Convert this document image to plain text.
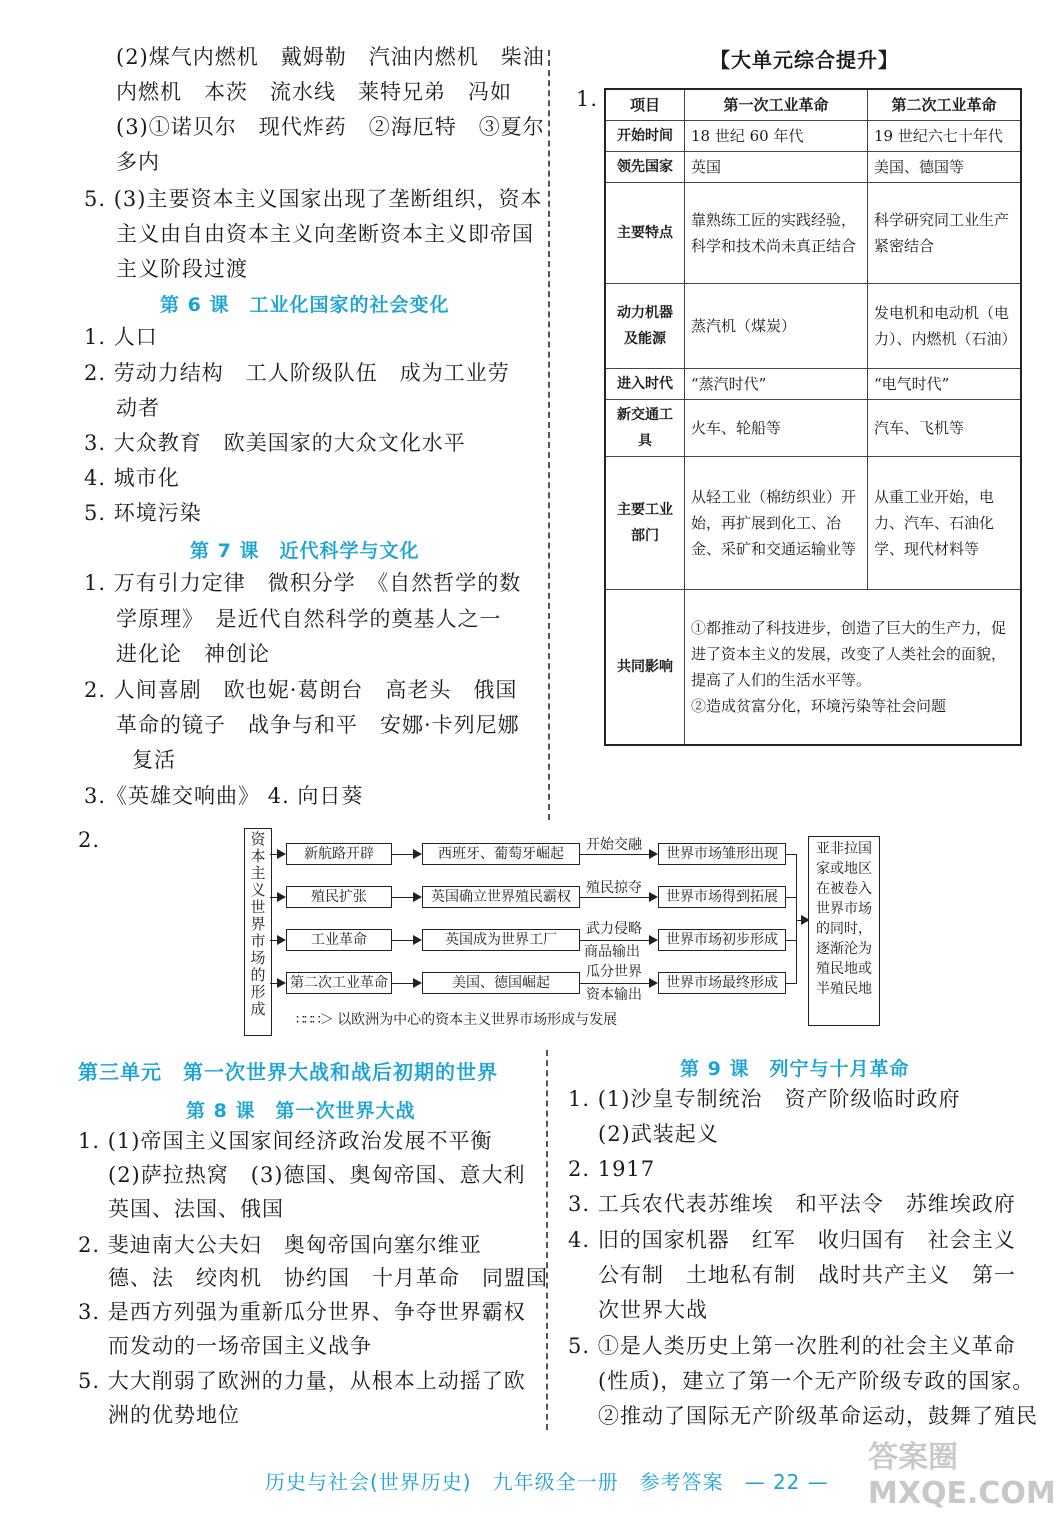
(2)煤气内燃机　戴姆勒　汽油内燃机　柴油
内燃机　本茨　流水线　莱特兄弟　冯如
(3)①诺贝尔　现代炸药　②海厄特　③夏尔
多内
5. (3)主要资本主义国家出现了垄断组织，资本
主义由自由资本主义向垄断资本主义即帝国
主义阶段过渡
第 6 课　工业化国家的社会变化
1. 人口
2. 劳动力结构　工人阶级队伍　成为工业劳
动者
3. 大众教育　欧美国家的大众文化水平
4. 城市化
5. 环境污染
第 7 课　近代科学与文化
1. 万有引力定律　微积分学　《自然哲学的数
学原理》　是近代自然科学的奠基人之一
进化论　神创论
2. 人间喜剧　欧也妮·葛朗台　高老头　俄国
革命的镜子　战争与和平　安娜·卡列尼娜
复活
3.《英雄交响曲》 4. 向日葵
【大单元综合提升】
1. 项目	第一次工业革命	第二次工业革命
开始时间	18 世纪 60 年代	19 世纪六七十年代
领先国家	英国	美国、德国等
主要特点	靠熟练工匠的实践经验，科学和技术尚未真正结合	科学研究同工业生产紧密结合
动力机器及能源	蒸汽机（煤炭）	发电机和电动机（电力）、内燃机（石油）
进入时代	“蒸汽时代”	“电气时代”
新交通工具	火车、轮船等	汽车、飞机等
主要工业部门	从轻工业（棉纺织业）开始，再扩展到化工、冶金、采矿和交通运输业等	从重工业开始，电力、汽车、石油化学、现代材料等
共同影响	①都推动了科技进步，创造了巨大的生产力，促进了资本主义的发展，改变了人类社会的面貌，提高了人们的生活水平等。
②造成贫富分化，环境污染等社会问题	
2.	资本主义世界市场的形成
新航路开辟
殖民扩张
工业革命
第二次工业革命
西班牙、葡萄牙崛起
英国确立世界殖民霸权
英国成为世界工厂
美国、德国崛起
开始交融
殖民掠夺
武力侵略
商品输出
瓜分世界
资本输出
世界市场雏形出现
世界市场得到拓展
世界市场初步形成
世界市场最终形成
亚非拉国家或地区在被卷入世界市场的同时，逐渐沦为殖民地或半殖民地
∷∷∷＞ 以欧洲为中心的资本主义世界市场形成与发展
第三单元　第一次世界大战和战后初期的世界
第 8 课　第一次世界大战
1. (1)帝国主义国家间经济政治发展不平衡
(2)萨拉热窝　(3)德国、奥匈帝国、意大利
英国、法国、俄国
2. 斐迪南大公夫妇　奥匈帝国向塞尔维亚
德、法　绞肉机　协约国　十月革命　同盟国
3. 是西方列强为重新瓜分世界、争夺世界霸权
而发动的一场帝国主义战争
5. 大大削弱了欧洲的力量，从根本上动摇了欧
洲的优势地位
第 9 课　列宁与十月革命
1. (1)沙皇专制统治　资产阶级临时政府
(2)武装起义
2. 1917
3. 工兵农代表苏维埃　和平法令　苏维埃政府
4. 旧的国家机器　红军　收归国有　社会主义
公有制　土地私有制　战时共产主义　第一
次世界大战
5. ①是人类历史上第一次胜利的社会主义革命
(性质)，建立了第一个无产阶级专政的国家。
②推动了国际无产阶级革命运动，鼓舞了殖民
历史与社会(世界历史)　九年级全一册　参考答案　— 22 —
答案圈 MXQE.COM
